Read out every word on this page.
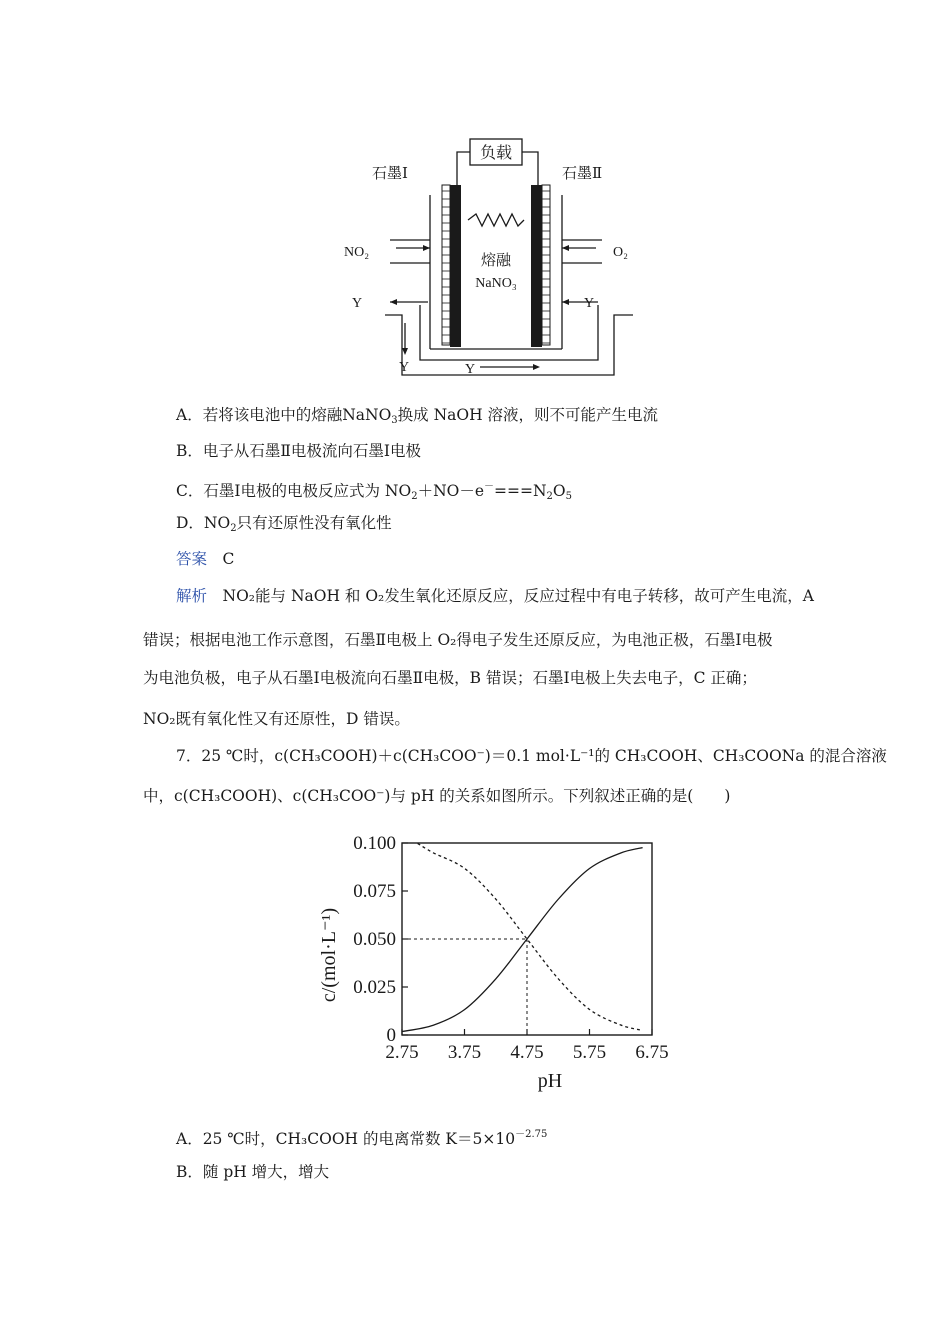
负载
石墨Ⅰ	石墨Ⅱ
熔融
NaNO₃
NO₂	O₂
Y	Y
Y	Y
A．若将该电池中的熔融NaNO$_3$换成 NaOH 溶液，则不可能产生电流
B．电子从石墨Ⅱ电极流向石墨Ⅰ电极
C．石墨Ⅰ电极的电极反应式为 $NO_2+NO-e^-===N_2O_5$
D．$NO_2$只有还原性没有氧化性
答案　 C
解析　 NO₂能与 NaOH 和 O₂发生氧化还原反应，反应过程中有电子转移，故可产生电流，A
错误；根据电池工作示意图，石墨Ⅱ电极上 O₂得电子发生还原反应，为电池正极，石墨Ⅰ电极
为电池负极，电子从石墨Ⅰ电极流向石墨Ⅱ电极，B 错误；石墨Ⅰ电极上失去电子，C 正确；
NO₂既有氧化性又有还原性，D 错误。
7．25 ℃时，c(CH₃COOH)＋c(CH₃COO⁻)＝0.1 mol·L⁻¹的 CH₃COOH、CH₃COONa 的混合溶液
中，c(CH₃COOH)、c(CH₃COO⁻)与 pH 的关系如图所示。下列叙述正确的是(　　)
2.75 3.75 4.75 5.75 6.75
0
0.025
0.050
0.075
0.100
pH
c/(mol·L⁻¹)
A．25 ℃时，CH₃COOH 的电离常数 $K=5\times 10^{-2.75}$
B．随 pH 增大，增大
